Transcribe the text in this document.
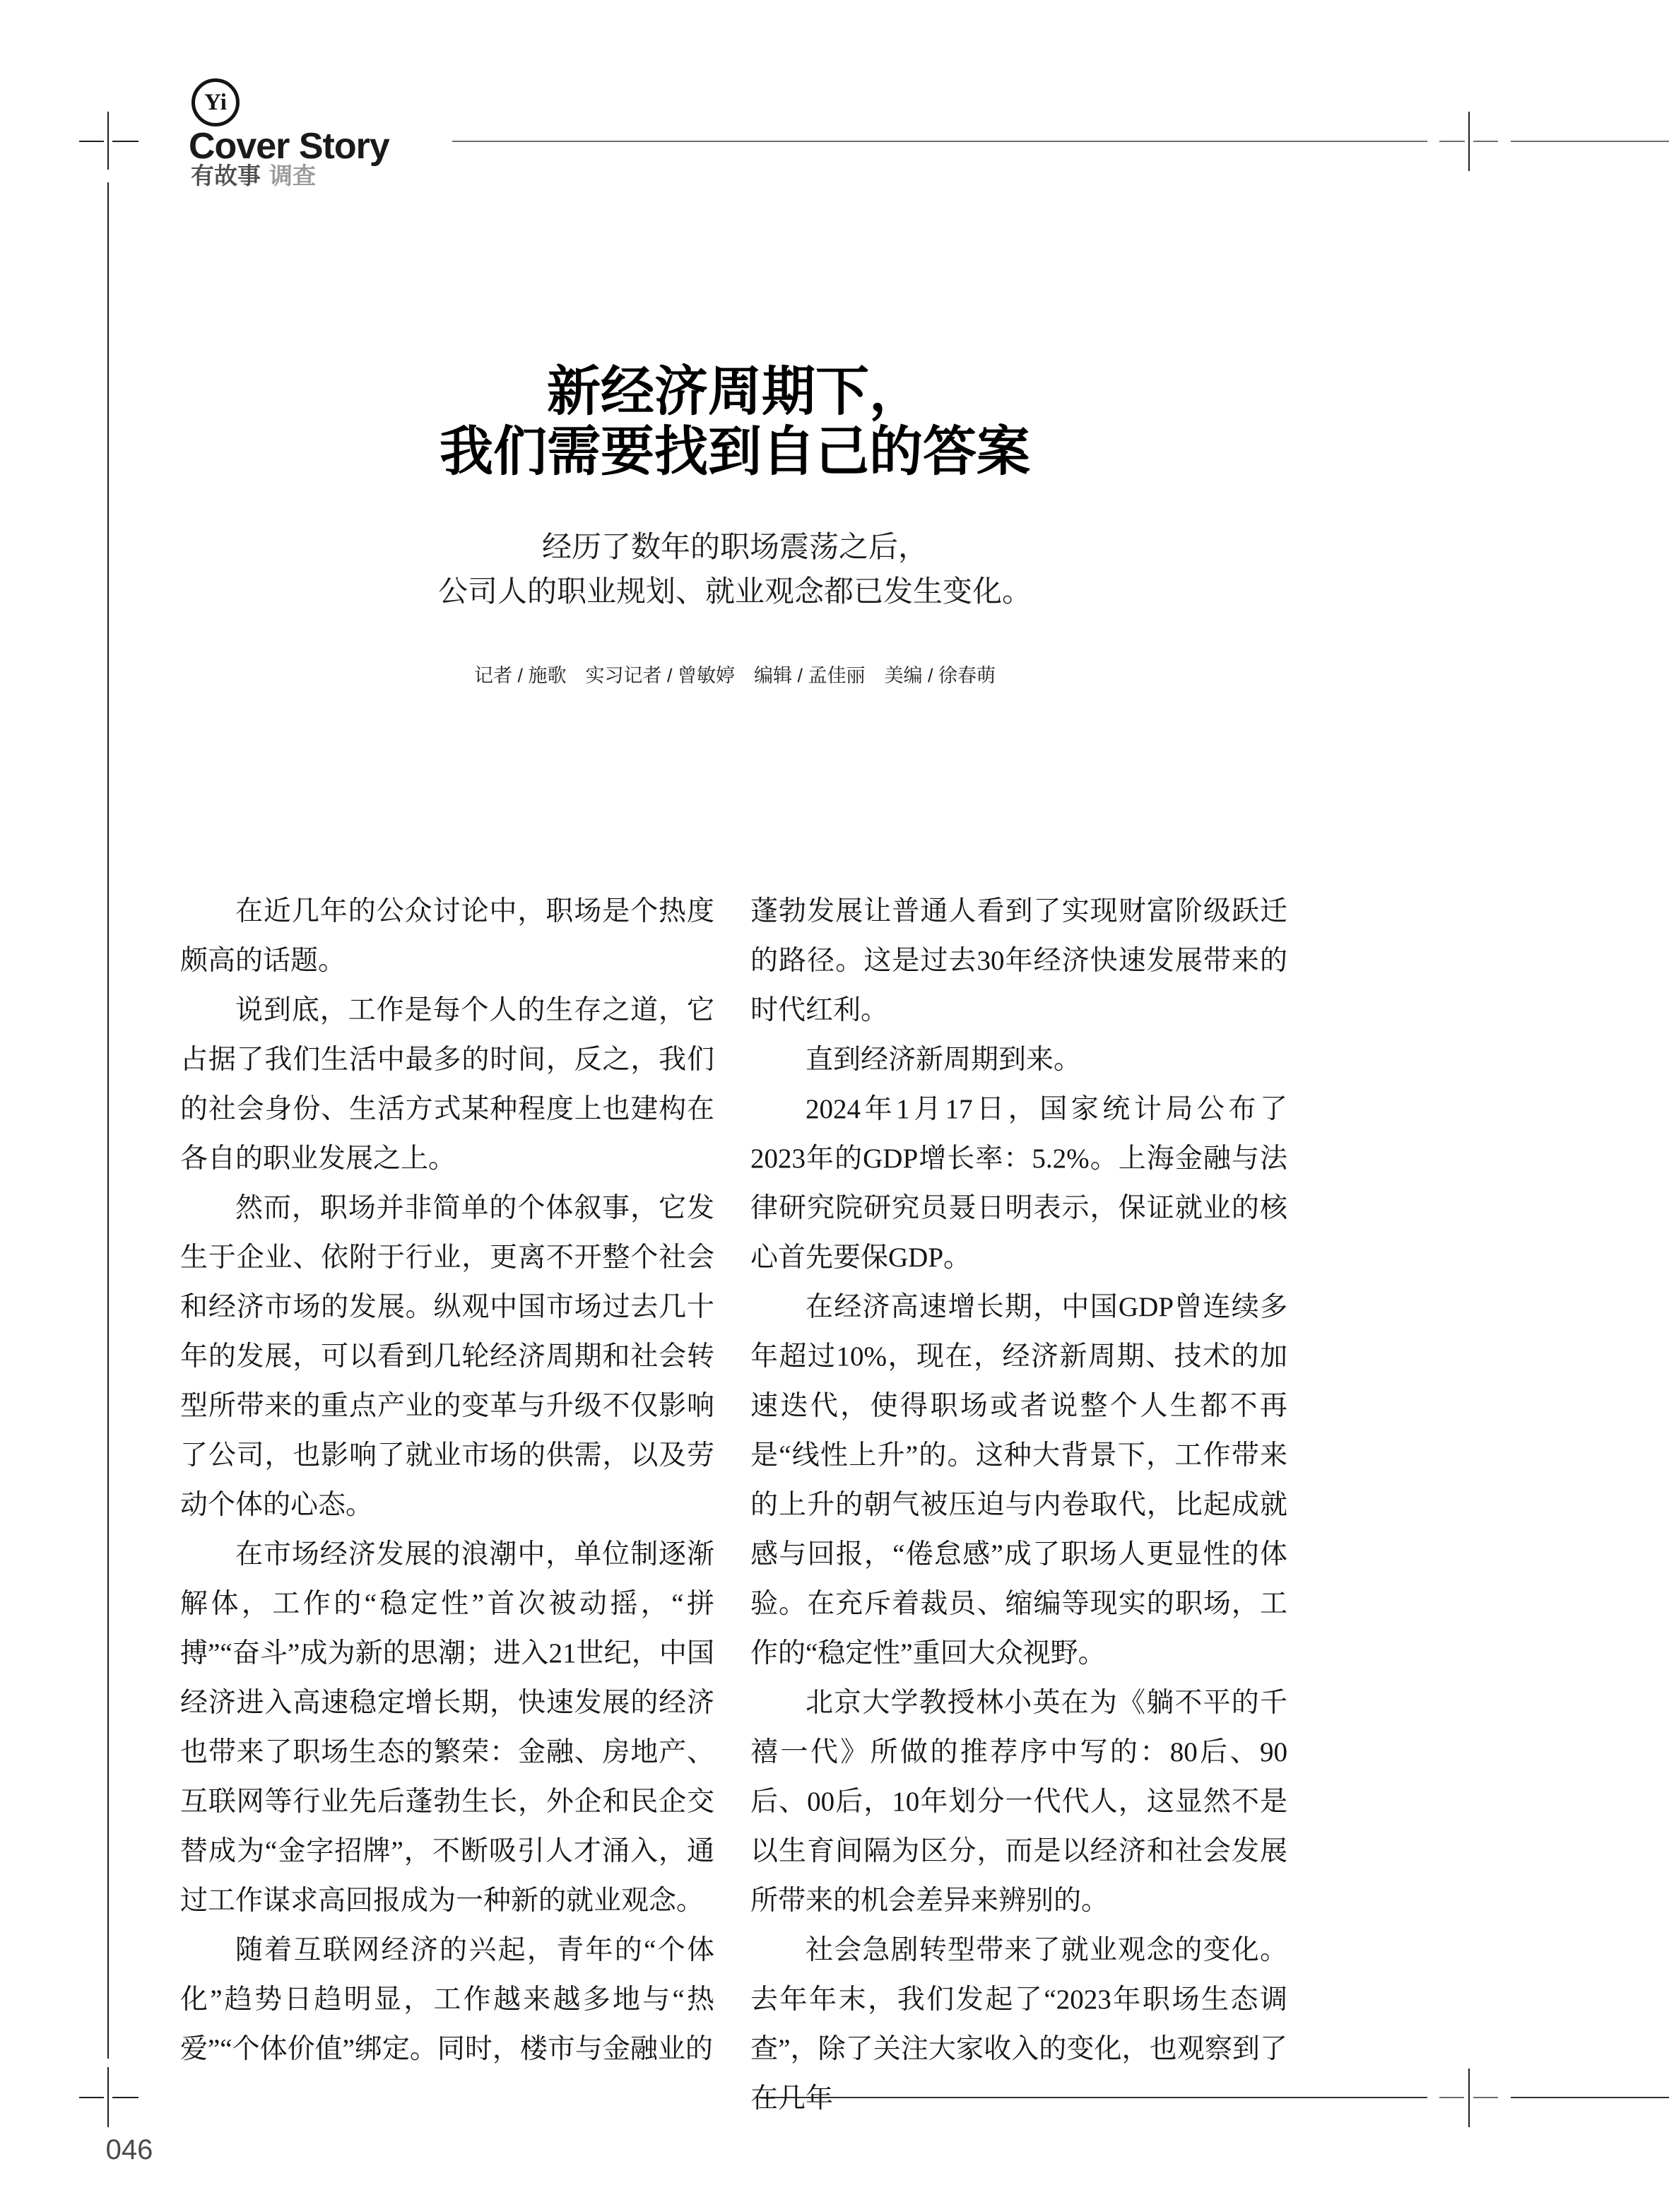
Yi
Cover Story
有故事 调查
新经济周期下，
我们需要找到自己的答案
经历了数年的职场震荡之后，
公司人的职业规划、就业观念都已发生变化。
记者 / 施歌　实习记者 / 曾敏婷　编辑 / 孟佳丽　美编 / 徐春萌

在近几年的公众讨论中，职场是个热度颇高的话题。

说到底，工作是每个人的生存之道，它占据了我们生活中最多的时间，反之，我们的社会身份、生活方式某种程度上也建构在各自的职业发展之上。

然而，职场并非简单的个体叙事，它发生于企业、依附于行业，更离不开整个社会和经济市场的发展。纵观中国市场过去几十年的发展，可以看到几轮经济周期和社会转型所带来的重点产业的变革与升级不仅影响了公司，也影响了就业市场的供需，以及劳动个体的心态。

在市场经济发展的浪潮中，单位制逐渐解体，工作的“稳定性”首次被动摇，“拼搏”“奋斗”成为新的思潮；进入21世纪，中国经济进入高速稳定增长期，快速发展的经济也带来了职场生态的繁荣：金融、房地产、互联网等行业先后蓬勃生长，外企和民企交替成为“金字招牌”，不断吸引人才涌入，通过工作谋求高回报成为一种新的就业观念。

随着互联网经济的兴起，青年的“个体化”趋势日趋明显，工作越来越多地与“热爱”“个体价值”绑定。同时，楼市与金融业的

蓬勃发展让普通人看到了实现财富阶级跃迁的路径。这是过去30年经济快速发展带来的时代红利。

直到经济新周期到来。

2024年1月17日，国家统计局公布了2023年的GDP增长率：5.2%。上海金融与法律研究院研究员聂日明表示，保证就业的核心首先要保GDP。

在经济高速增长期，中国GDP曾连续多年超过10%，现在，经济新周期、技术的加速迭代，使得职场或者说整个人生都不再是“线性上升”的。这种大背景下，工作带来的上升的朝气被压迫与内卷取代，比起成就感与回报，“倦怠感”成了职场人更显性的体验。在充斥着裁员、缩编等现实的职场，工作的“稳定性”重回大众视野。

北京大学教授林小英在为《躺不平的千禧一代》所做的推荐序中写的：80后、90后、00后，10年划分一代代人，这显然不是以生育间隔为区分，而是以经济和社会发展所带来的机会差异来辨别的。

社会急剧转型带来了就业观念的变化。去年年末，我们发起了“2023年职场生态调查”，除了关注大家收入的变化，也观察到了在几年

046
